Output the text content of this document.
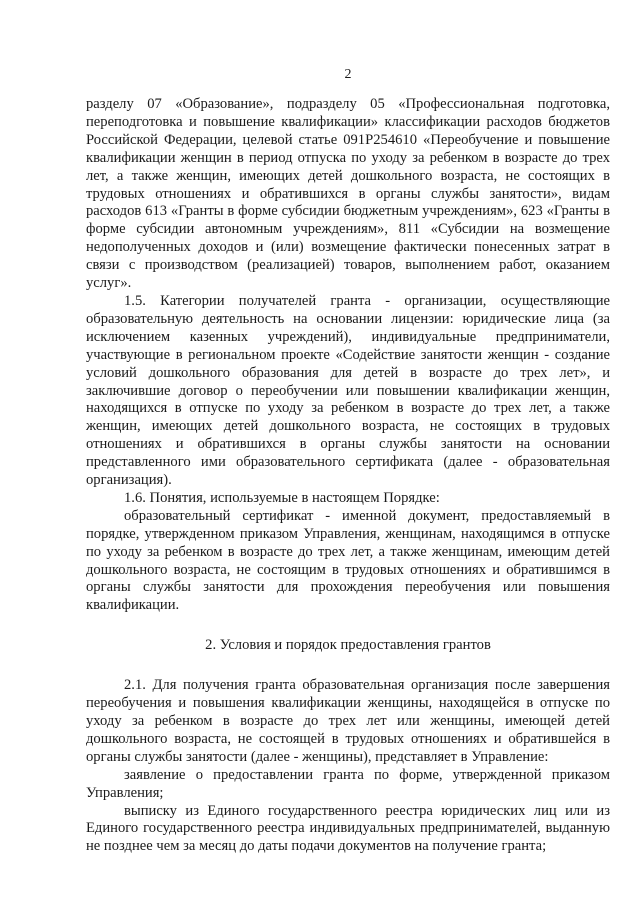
2

разделу 07 «Образование», подразделу 05 «Профессиональная подготовка, переподготовка и повышение квалификации» классификации расходов бюджетов Российской Федерации, целевой статье 091P254610 «Переобучение и повышение квалификации женщин в период отпуска по уходу за ребенком в возрасте до трех лет, а также женщин, имеющих детей дошкольного возраста, не состоящих в трудовых отношениях и обратившихся в органы службы занятости», видам расходов 613 «Гранты в форме субсидии бюджетным учреждениям», 623 «Гранты в форме субсидии автономным учреждениям», 811 «Субсидии на возмещение недополученных доходов и (или) возмещение фактически понесенных затрат в связи с производством (реализацией) товаров, выполнением работ, оказанием услуг».

1.5. Категории получателей гранта - организации, осуществляющие образовательную деятельность на основании лицензии: юридические лица (за исключением казенных учреждений), индивидуальные предприниматели, участвующие в региональном проекте «Содействие занятости женщин - создание условий дошкольного образования для детей в возрасте до трех лет», и заключившие договор о переобучении или повышении квалификации женщин, находящихся в отпуске по уходу за ребенком в возрасте до трех лет, а также женщин, имеющих детей дошкольного возраста, не состоящих в трудовых отношениях и обратившихся в органы службы занятости на основании представленного ими образовательного сертификата (далее - образовательная организация).

1.6. Понятия, используемые в настоящем Порядке:

образовательный сертификат - именной документ, предоставляемый в порядке, утвержденном приказом Управления, женщинам, находящимся в отпуске по уходу за ребенком в возрасте до трех лет, а также женщинам, имеющим детей дошкольного возраста, не состоящим в трудовых отношениях и обратившимся в органы службы занятости для прохождения переобучения или повышения квалификации.

2. Условия и порядок предоставления грантов

2.1. Для получения гранта образовательная организация после завершения переобучения и повышения квалификации женщины, находящейся в отпуске по уходу за ребенком в возрасте до трех лет или женщины, имеющей детей дошкольного возраста, не состоящей в трудовых отношениях и обратившейся в органы службы занятости (далее - женщины), представляет в Управление:

заявление о предоставлении гранта по форме, утвержденной приказом Управления;

выписку из Единого государственного реестра юридических лиц или из Единого государственного реестра индивидуальных предпринимателей, выданную не позднее чем за месяц до даты подачи документов на получение гранта;
